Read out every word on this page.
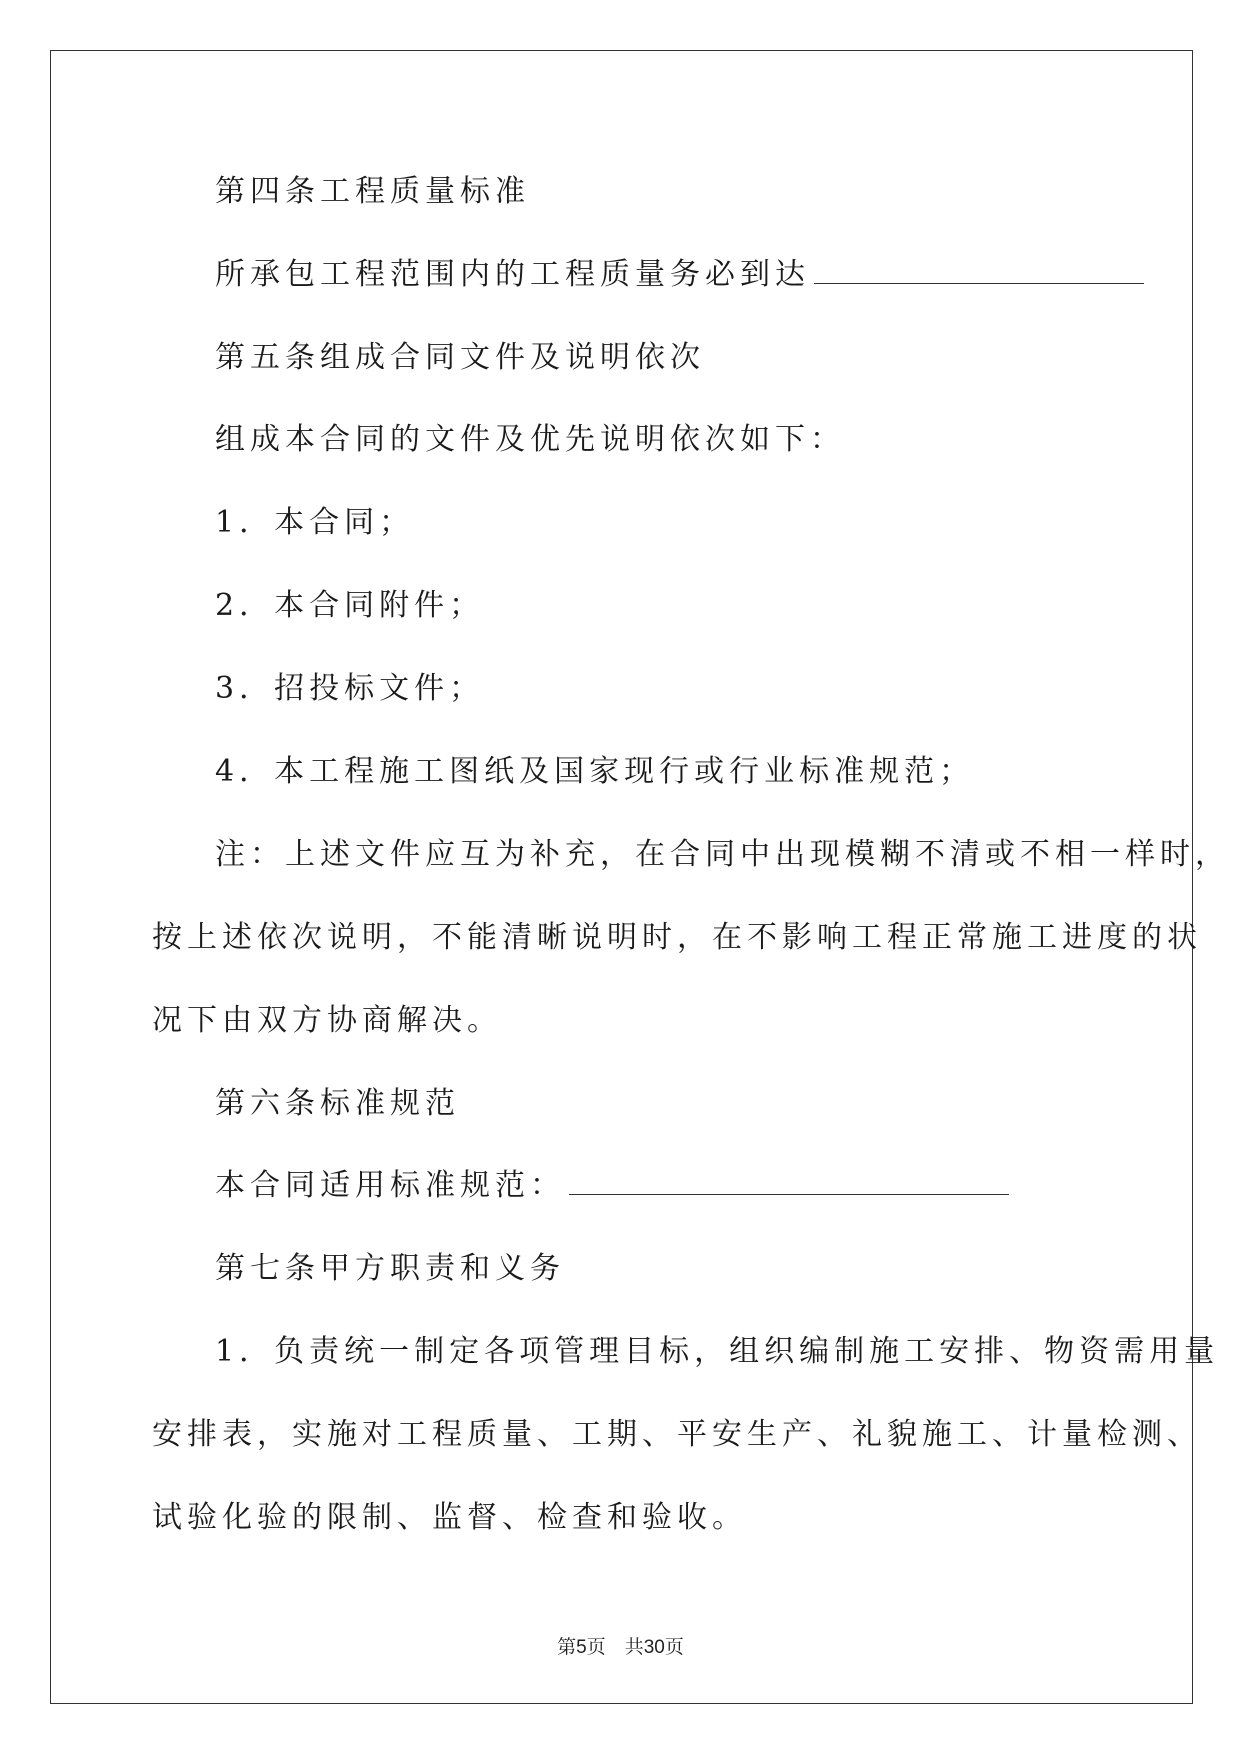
第四条工程质量标准
所承包工程范围内的工程质量务必到达
第五条组成合同文件及说明依次
组成本合同的文件及优先说明依次如下：
1．本合同；
2．本合同附件；
3．招投标文件；
4．本工程施工图纸及国家现行或行业标准规范；
注：上述文件应互为补充，在合同中出现模糊不清或不相一样时，
按上述依次说明，不能清晰说明时，在不影响工程正常施工进度的状
况下由双方协商解决。
第六条标准规范
本合同适用标准规范：
第七条甲方职责和义务
1．负责统一制定各项管理目标，组织编制施工安排、物资需用量
安排表，实施对工程质量、工期、平安生产、礼貌施工、计量检测、
试验化验的限制、监督、检查和验收。
第5页　共30页
